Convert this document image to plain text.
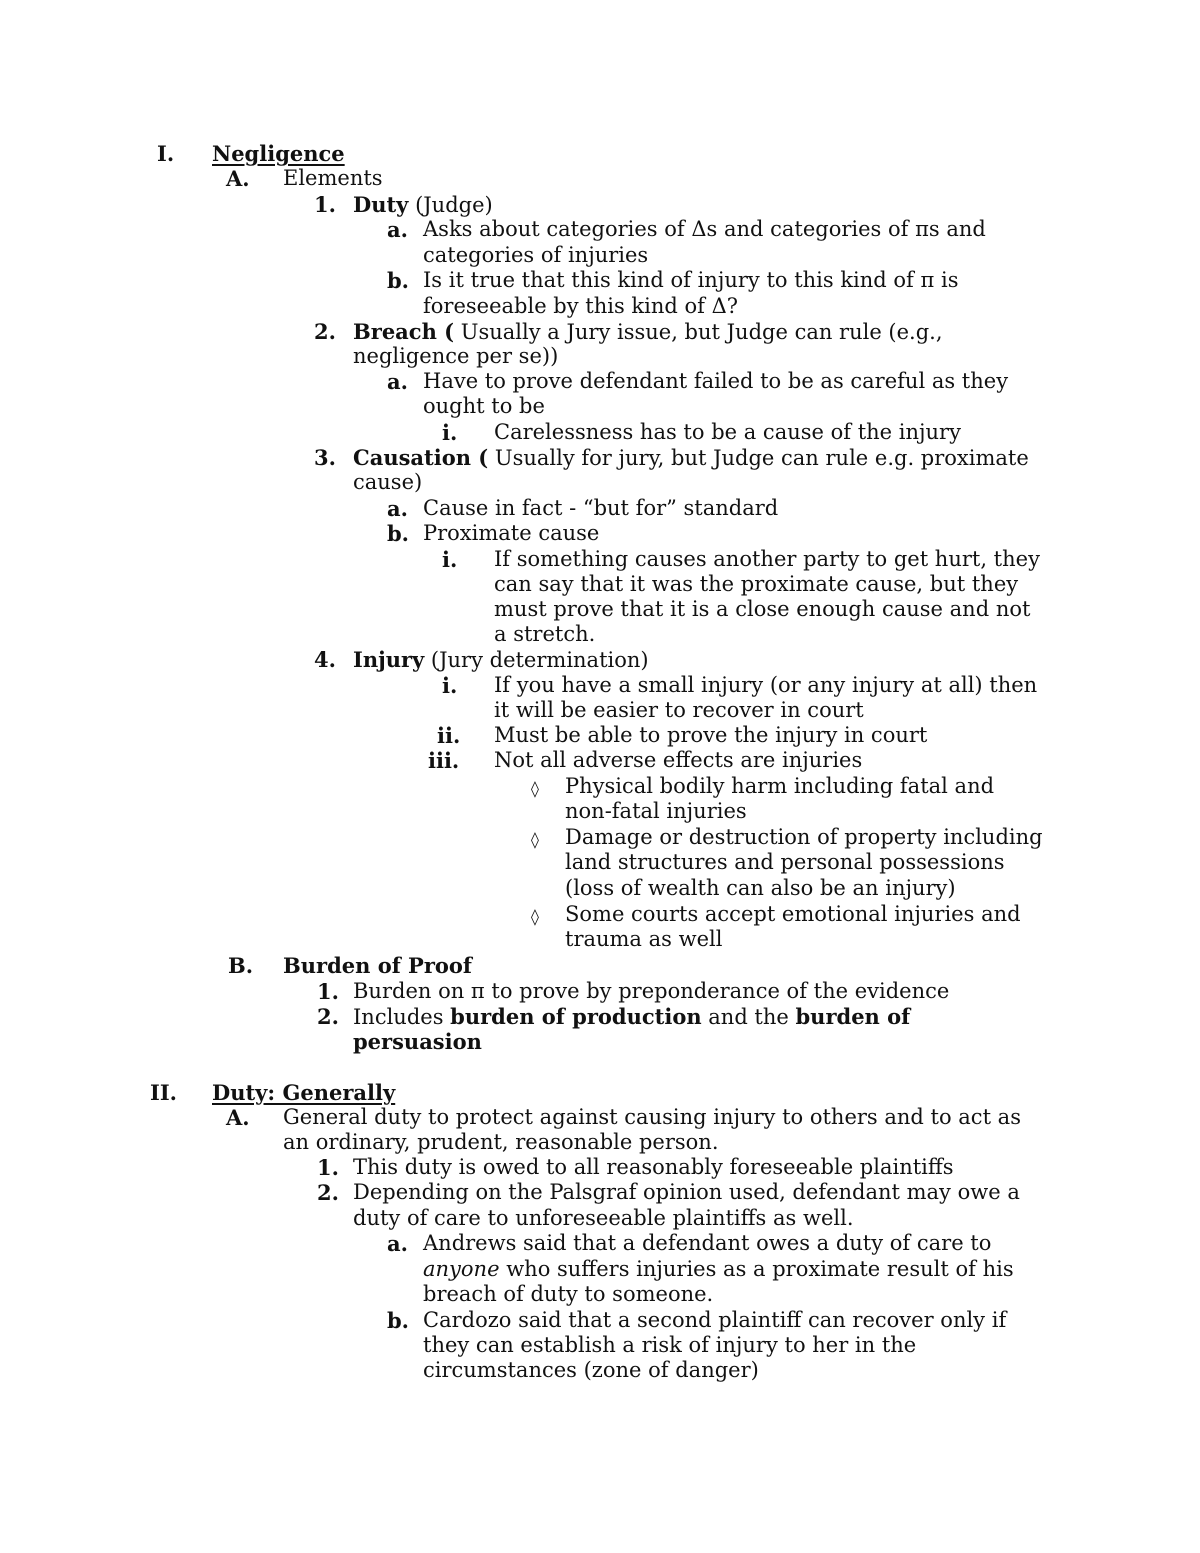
I. Negligence
A. Elements
1. Duty (Judge)
a. Asks about categories of Δs and categories of πs and
categories of injuries
b. Is it true that this kind of injury to this kind of π is
foreseeable by this kind of Δ?
2. Breach ( Usually a Jury issue, but Judge can rule (e.g.,
negligence per se))
a. Have to prove defendant failed to be as careful as they
ought to be
i. Carelessness has to be a cause of the injury
3. Causation ( Usually for jury, but Judge can rule e.g. proximate
cause)
a. Cause in fact - “but for” standard
b. Proximate cause
i. If something causes another party to get hurt, they
can say that it was the proximate cause, but they
must prove that it is a close enough cause and not
a stretch.
4. Injury (Jury determination)
i. If you have a small injury (or any injury at all) then
it will be easier to recover in court
ii. Must be able to prove the injury in court
iii. Not all adverse effects are injuries
◊ Physical bodily harm including fatal and
non-fatal injuries
◊ Damage or destruction of property including
land structures and personal possessions
(loss of wealth can also be an injury)
◊ Some courts accept emotional injuries and
trauma as well
B. Burden of Proof
1. Burden on π to prove by preponderance of the evidence
2. Includes burden of production and the burden of
persuasion
II. Duty: Generally
A. General duty to protect against causing injury to others and to act as
an ordinary, prudent, reasonable person.
1. This duty is owed to all reasonably foreseeable plaintiffs
2. Depending on the Palsgraf opinion used, defendant may owe a
duty of care to unforeseeable plaintiffs as well.
a. Andrews said that a defendant owes a duty of care to
anyone who suffers injuries as a proximate result of his
breach of duty to someone.
b. Cardozo said that a second plaintiff can recover only if
they can establish a risk of injury to her in the
circumstances (zone of danger)
